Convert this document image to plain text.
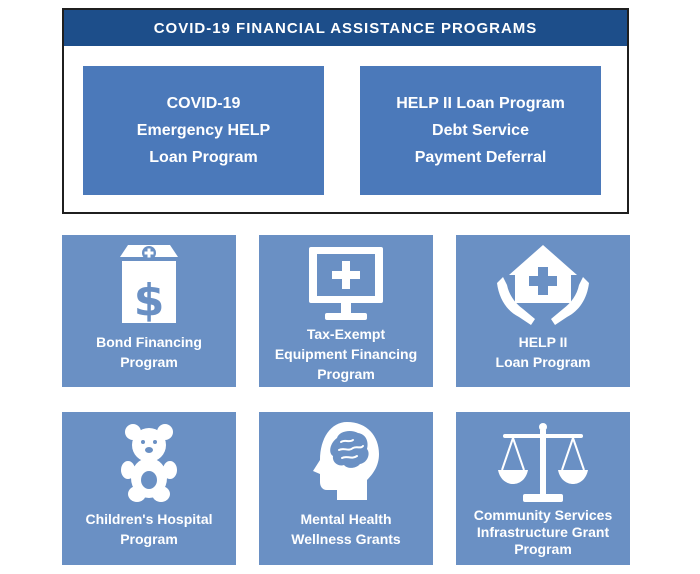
COVID-19 FINANCIAL ASSISTANCE PROGRAMS
COVID-19
Emergency HELP
Loan Program
HELP II Loan Program
Debt Service
Payment Deferral
$
Bond Financing
Program
Tax-Exempt
Equipment Financing
Program
HELP II
Loan Program
Children's Hospital
Program
Mental Health
Wellness Grants
Community Services
Infrastructure Grant
Program
